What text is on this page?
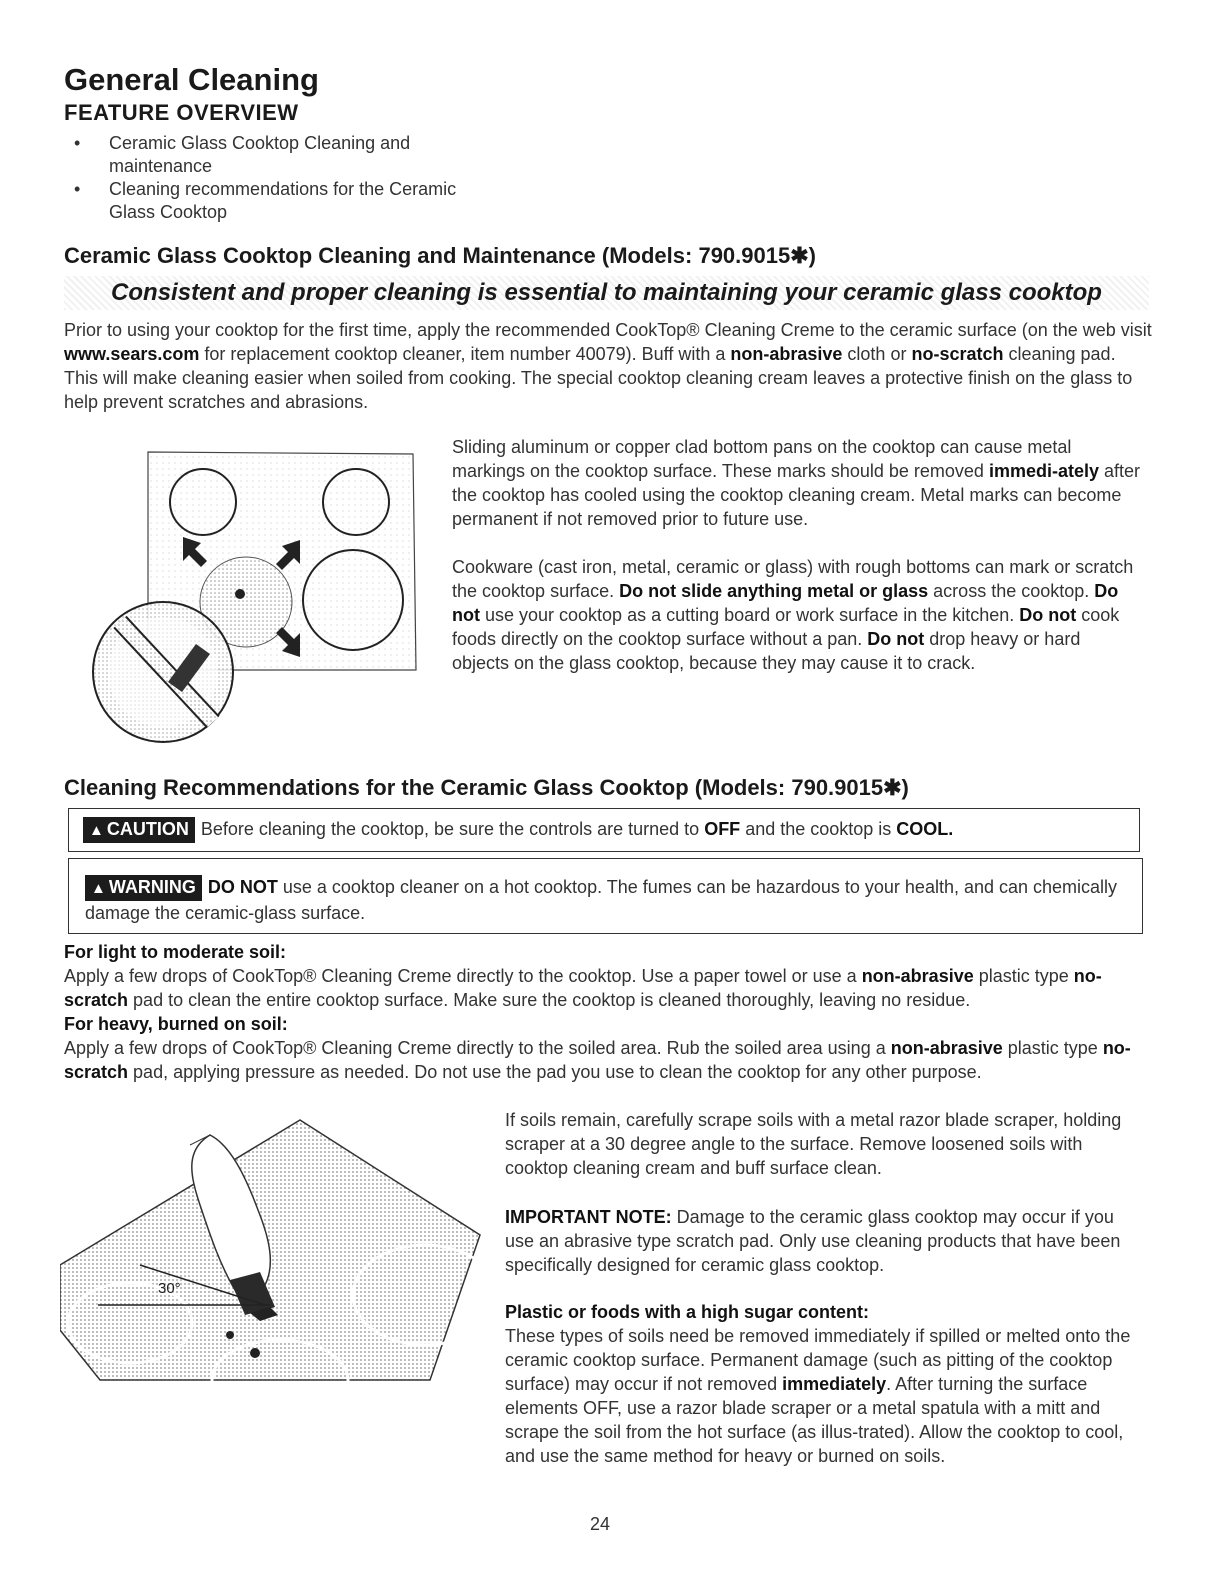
General Cleaning
FEATURE OVERVIEW
• Ceramic Glass Cooktop Cleaning and maintenance
• Cleaning recommendations for the Ceramic Glass Cooktop
Ceramic Glass Cooktop Cleaning and Maintenance (Models: 790.9015✱)
Consistent and proper cleaning is essential to maintaining your ceramic glass cooktop

Prior to using your cooktop for the first time, apply the recommended CookTop® Cleaning Creme to the ceramic surface (on the web visit www.sears.com for replacement cooktop cleaner, item number 40079). Buff with a non-abrasive cloth or no-scratch cleaning pad. This will make cleaning easier when soiled from cooking. The special cooktop cleaning cream leaves a protective finish on the glass to help prevent scratches and abrasions.

Sliding aluminum or copper clad bottom pans on the cooktop can cause metal markings on the cooktop surface. These marks should be removed immedi-ately after the cooktop has cooled using the cooktop cleaning cream. Metal marks can become permanent if not removed prior to future use.

Cookware (cast iron, metal, ceramic or glass) with rough bottoms can mark or scratch the cooktop surface. Do not slide anything metal or glass across the cooktop. Do not use your cooktop as a cutting board or work surface in the kitchen. Do not cook foods directly on the cooktop surface without a pan. Do not drop heavy or hard objects on the glass cooktop, because they may cause it to crack.

Cleaning Recommendations for the Ceramic Glass Cooktop (Models: 790.9015✱)
▲ CAUTION Before cleaning the cooktop, be sure the controls are turned to OFF and the cooktop is COOL.
▲ WARNING DO NOT use a cooktop cleaner on a hot cooktop. The fumes can be hazardous to your health, and can chemically damage the ceramic-glass surface.
For light to moderate soil:

Apply a few drops of CookTop® Cleaning Creme directly to the cooktop. Use a paper towel or use a non-abrasive plastic type no-scratch pad to clean the entire cooktop surface. Make sure the cooktop is cleaned thoroughly, leaving no residue.

For heavy, burned on soil:

Apply a few drops of CookTop® Cleaning Creme directly to the soiled area. Rub the soiled area using a non-abrasive plastic type no-scratch pad, applying pressure as needed. Do not use the pad you use to clean the cooktop for any other purpose.

30°

If soils remain, carefully scrape soils with a metal razor blade scraper, holding scraper at a 30 degree angle to the surface. Remove loosened soils with cooktop cleaning cream and buff surface clean.

IMPORTANT NOTE: Damage to the ceramic glass cooktop may occur if you use an abrasive type scratch pad. Only use cleaning products that have been specifically designed for ceramic glass cooktop.

Plastic or foods with a high sugar content:

These types of soils need be removed immediately if spilled or melted onto the ceramic cooktop surface. Permanent damage (such as pitting of the cooktop surface) may occur if not removed immediately. After turning the surface elements OFF, use a razor blade scraper or a metal spatula with a mitt and scrape the soil from the hot surface (as illus-trated). Allow the cooktop to cool, and use the same method for heavy or burned on soils.

24
